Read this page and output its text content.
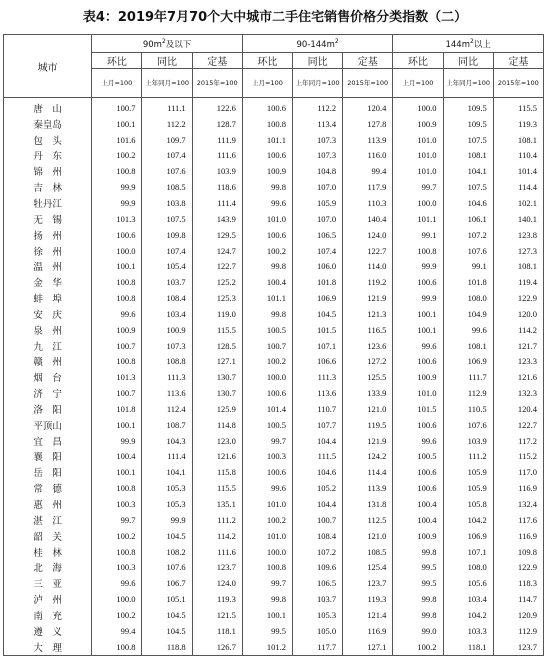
表4：2019年7月70个大中城市二手住宅销售价格分类指数（二）
城市	$90m^2$及以下			$90-144m^2$			$144m^2$以上		
	环比	同比	定基	环比	同比	定基	环比	同比	定基
	上月=100	上年同月=100	2015年=100	上月=100	上年同月=100	2015年=100	上月=100	上年同月=100	2015年=100
唐　山	100.7	111.1	122.6	100.6	112.2	120.4	100.0	109.5	115.5
秦皇岛	100.1	112.2	128.7	100.8	113.4	127.8	100.9	109.5	119.3
包　头	101.6	109.7	111.9	101.1	107.3	113.9	101.0	107.5	108.1
丹　东	100.2	107.4	111.6	100.6	107.3	116.0	101.0	108.1	110.4
锦　州	100.8	107.6	103.9	100.9	104.8	99.4	101.0	104.1	101.4
吉　林	99.9	108.5	118.6	99.8	107.0	117.9	99.7	107.5	114.4
牡丹江	99.9	103.8	111.4	99.6	105.9	110.3	100.0	104.6	102.1
无　锡	101.3	107.5	143.9	101.0	107.0	140.4	101.1	106.1	140.1
扬　州	100.6	109.8	129.5	100.6	106.5	124.0	99.1	107.2	123.8
徐　州	100.0	107.4	124.7	100.2	107.4	122.7	100.8	107.6	127.3
温　州	100.1	105.4	122.7	99.8	106.0	114.0	99.9	99.1	108.1
金　华	100.8	103.7	125.2	100.4	101.8	119.2	100.6	101.8	119.4
蚌　埠	100.8	108.4	125.3	101.1	106.9	121.9	99.9	108.0	122.9
安　庆	99.6	103.4	119.0	99.8	104.5	121.3	100.1	104.9	120.0
泉　州	100.9	100.9	115.5	100.5	101.5	116.5	100.1	99.6	114.2
九　江	100.7	107.3	128.5	100.7	107.1	123.6	99.6	108.1	121.7
赣　州	100.8	108.8	127.1	100.2	106.6	127.2	100.6	106.9	123.3
烟　台	101.3	111.3	130.7	100.0	111.3	125.5	100.9	111.7	121.6
济　宁	100.7	113.6	130.7	100.6	113.6	133.9	101.0	112.9	132.3
洛　阳	101.8	112.4	125.9	101.4	110.7	121.0	101.5	110.5	120.4
平顶山	100.1	108.7	114.8	100.5	107.7	119.5	100.6	107.6	122.7
宜　昌	99.9	104.3	123.0	99.7	104.4	121.9	99.6	103.9	117.2
襄　阳	100.4	111.4	121.6	100.3	111.5	124.2	100.5	111.2	115.2
岳　阳	100.1	104.1	115.8	100.6	104.6	114.4	100.6	105.9	117.0
常　德	100.8	105.3	115.5	99.6	105.2	113.9	100.6	105.9	116.9
惠　州	100.3	105.3	135.1	101.0	104.4	131.8	100.4	105.8	132.4
湛　江	99.7	99.9	111.2	100.2	100.7	112.5	100.4	104.2	117.6
韶　关	100.2	104.5	114.2	101.0	108.4	121.0	100.9	106.9	116.9
桂　林	100.8	108.2	111.6	100.0	107.2	108.5	99.8	107.1	109.8
北　海	100.3	107.6	123.7	100.8	109.6	125.4	99.5	108.0	122.9
三　亚	99.6	106.7	124.0	99.7	106.5	123.7	99.5	105.6	118.3
泸　州	100.0	105.1	119.3	99.8	103.7	119.3	99.8	103.4	114.7
南　充	100.2	104.5	121.5	100.1	105.3	121.4	99.8	104.2	120.9
遵　义	99.4	104.5	118.1	99.5	105.0	116.9	99.0	103.3	112.9
大　理	100.8	118.8	126.7	101.2	117.7	127.1	100.2	118.1	123.7
